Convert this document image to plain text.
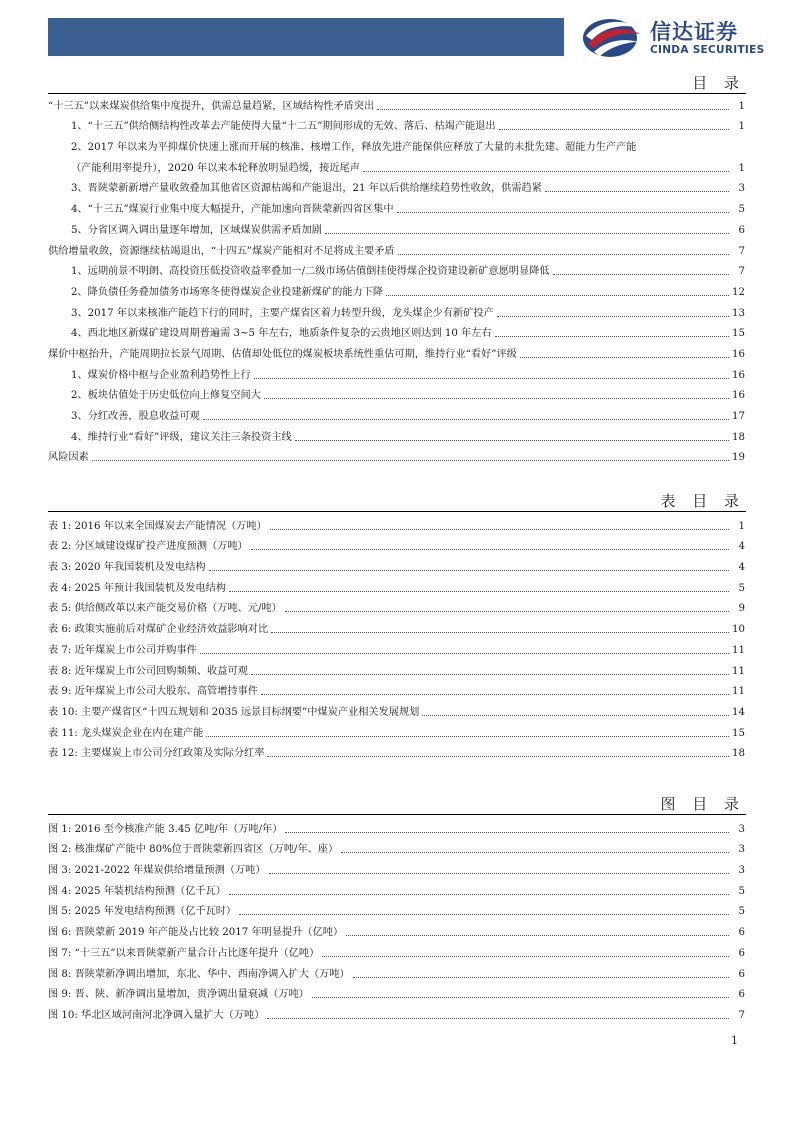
信达证券
CINDA SECURITIES
目 录
“十三五”以来煤炭供给集中度提升，供需总量趋紧，区域结构性矛盾突出	1
1、“十三五”供给侧结构性改革去产能使得大量“十二五”期间形成的无效、落后、枯竭产能退出	1
2、2017 年以来为平抑煤价快速上涨而开展的核准、核增工作，释放先进产能保供应释放了大量的未批先建、超能力生产产能
（产能利用率提升），2020 年以来本轮释放明显趋缓，接近尾声	1
3、晋陕蒙新新增产量收敛叠加其他省区资源枯竭和产能退出，21 年以后供给继续趋势性收敛，供需趋紧	3
4、“十三五”煤炭行业集中度大幅提升，产能加速向晋陕蒙新四省区集中	5
5、分省区调入调出量逐年增加，区域煤炭供需矛盾加剧	6
供给增量收敛，资源继续枯竭退出，“十四五”煤炭产能相对不足将成主要矛盾	7
1、远期前景不明朗、高投资压低投资收益率叠加一/二级市场估值倒挂使得煤企投资建设新矿意愿明显降低	7
2、降负债任务叠加债务市场寒冬使得煤炭企业投建新煤矿的能力下降	12
3、2017 年以来核准产能趋下行的同时，主要产煤省区着力转型升级，龙头煤企少有新矿投产	13
4、西北地区新煤矿建设周期普遍需 3~5 年左右，地质条件复杂的云贵地区则达到 10 年左右	15
煤价中枢抬升，产能周期拉长景气周期、估值却处低位的煤炭板块系统性重估可期，维持行业“看好”评级	16
1、煤炭价格中枢与企业盈利趋势性上行	16
2、板块估值处于历史低位向上修复空间大	16
3、分红改善，股息收益可观	17
4、维持行业“看好”评级，建议关注三条投资主线	18
风险因素	19
表 目 录
表 1: 2016 年以来全国煤炭去产能情况（万吨）	1
表 2: 分区域建设煤矿投产进度预测（万吨）	4
表 3: 2020 年我国装机及发电结构	4
表 4: 2025 年预计我国装机及发电结构	5
表 5: 供给侧改革以来产能交易价格（万吨、元/吨）	9
表 6: 政策实施前后对煤矿企业经济效益影响对比	10
表 7: 近年煤炭上市公司并购事件	11
表 8: 近年煤炭上市公司回购频频、收益可观	11
表 9: 近年煤炭上市公司大股东、高管增持事件	11
表 10: 主要产煤省区“十四五规划和 2035 远景目标纲要”中煤炭产业相关发展规划	14
表 11: 龙头煤炭企业在内在建产能	15
表 12: 主要煤炭上市公司分红政策及实际分红率	18
图 目 录
图 1: 2016 至今核准产能 3.45 亿吨/年（万吨/年）	3
图 2: 核准煤矿产能中 80%位于晋陕蒙新四省区（万吨/年、座）	3
图 3: 2021-2022 年煤炭供给增量预测（万吨）	3
图 4: 2025 年装机结构预测（亿千瓦）	5
图 5: 2025 年发电结构预测（亿千瓦时）	5
图 6: 晋陕蒙新 2019 年产能及占比较 2017 年明显提升（亿吨）	6
图 7: “十三五”以来晋陕蒙新产量合计占比逐年提升（亿吨）	6
图 8: 晋陕蒙新净调出增加，东北、华中、西南净调入扩大（万吨）	6
图 9: 晋、陕、新净调出量增加，贵净调出量衰减（万吨）	6
图 10: 华北区域河南河北净调入量扩大（万吨）	7
1
